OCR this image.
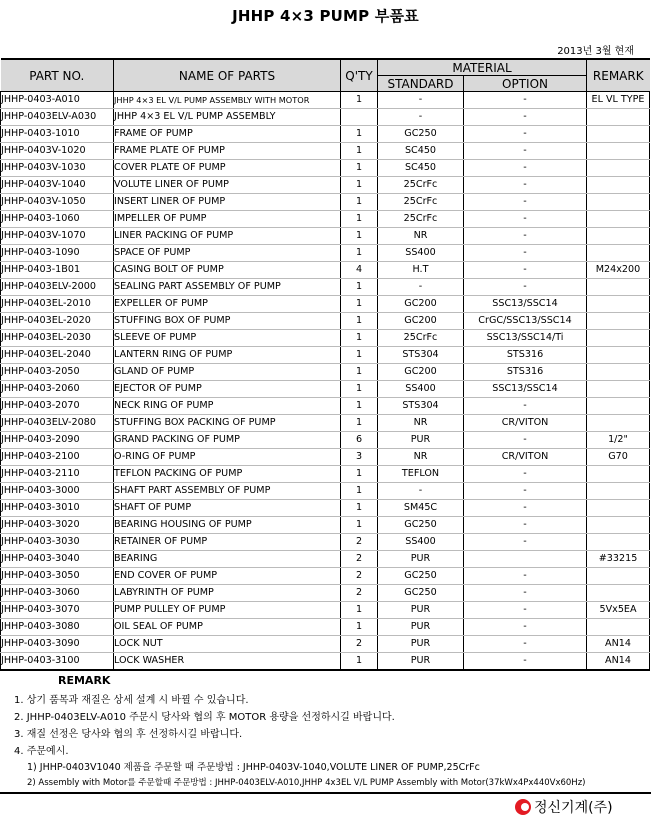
JHHP 4×3 PUMP 부품표
2013년 3월 현재
PART NO.	NAME OF PARTS	Q'TY	MATERIAL		REMARK
			STANDARD	OPTION	
JHHP-0403-A010	JHHP 4×3 EL V/L PUMP ASSEMBLY WITH MOTOR	1	-	-	EL VL TYPE
JHHP-0403ELV-A030	JHHP 4×3 EL V/L PUMP ASSEMBLY		-	-	
JHHP-0403-1010	FRAME OF PUMP	1	GC250	-	
JHHP-0403V-1020	FRAME PLATE OF PUMP	1	SC450	-	
JHHP-0403V-1030	COVER PLATE OF PUMP	1	SC450	-	
JHHP-0403V-1040	VOLUTE LINER OF PUMP	1	25CrFc	-	
JHHP-0403V-1050	INSERT LINER OF PUMP	1	25CrFc	-	
JHHP-0403-1060	IMPELLER OF PUMP	1	25CrFc	-	
JHHP-0403V-1070	LINER PACKING OF PUMP	1	NR	-	
JHHP-0403-1090	SPACE OF PUMP	1	SS400	-	
JHHP-0403-1B01	CASING BOLT OF PUMP	4	H.T	-	M24x200
JHHP-0403ELV-2000	SEALING PART ASSEMBLY OF PUMP	1	-	-	
JHHP-0403EL-2010	EXPELLER OF PUMP	1	GC200	SSC13/SSC14	
JHHP-0403EL-2020	STUFFING BOX OF PUMP	1	GC200	CrGC/SSC13/SSC14	
JHHP-0403EL-2030	SLEEVE OF PUMP	1	25CrFc	SSC13/SSC14/Ti	
JHHP-0403EL-2040	LANTERN RING OF PUMP	1	STS304	STS316	
JHHP-0403-2050	GLAND OF PUMP	1	GC200	STS316	
JHHP-0403-2060	EJECTOR OF PUMP	1	SS400	SSC13/SSC14	
JHHP-0403-2070	NECK RING OF PUMP	1	STS304	-	
JHHP-0403ELV-2080	STUFFING BOX PACKING OF PUMP	1	NR	CR/VITON	
JHHP-0403-2090	GRAND PACKING OF PUMP	6	PUR	-	1/2"
JHHP-0403-2100	O-RING OF PUMP	3	NR	CR/VITON	G70
JHHP-0403-2110	TEFLON PACKING OF PUMP	1	TEFLON	-	
JHHP-0403-3000	SHAFT PART ASSEMBLY OF PUMP	1	-	-	
JHHP-0403-3010	SHAFT OF PUMP	1	SM45C	-	
JHHP-0403-3020	BEARING HOUSING OF PUMP	1	GC250	-	
JHHP-0403-3030	RETAINER OF PUMP	2	SS400	-	
JHHP-0403-3040	BEARING	2	PUR		#33215
JHHP-0403-3050	END COVER OF PUMP	2	GC250	-	
JHHP-0403-3060	LABYRINTH OF PUMP	2	GC250	-	
JHHP-0403-3070	PUMP PULLEY OF PUMP	1	PUR	-	5Vx5EA
JHHP-0403-3080	OIL SEAL OF PUMP	1	PUR	-	
JHHP-0403-3090	LOCK NUT	2	PUR	-	AN14
JHHP-0403-3100	LOCK WASHER	1	PUR	-	AN14
REMARK
1. 상기 품목과 재질은 상세 설계 시 바뀔 수 있습니다.
2. JHHP-0403ELV-A010 주문시 당사와 협의 후 MOTOR 용량을 선정하시길 바랍니다.
3. 재질 선정은 당사와 협의 후 선정하시길 바랍니다.
4. 주문예시.
1) JHHP-0403V1040 제품을 주문할 때 주문방법 : JHHP-0403V-1040,VOLUTE LINER OF PUMP,25CrFc
2) Assembly with Motor를 주문할때 주문방법 : JHHP-0403ELV-A010,JHHP 4x3EL V/L PUMP Assembly with Motor(37kWx4Px440Vx60Hz)
정신기계(주)
